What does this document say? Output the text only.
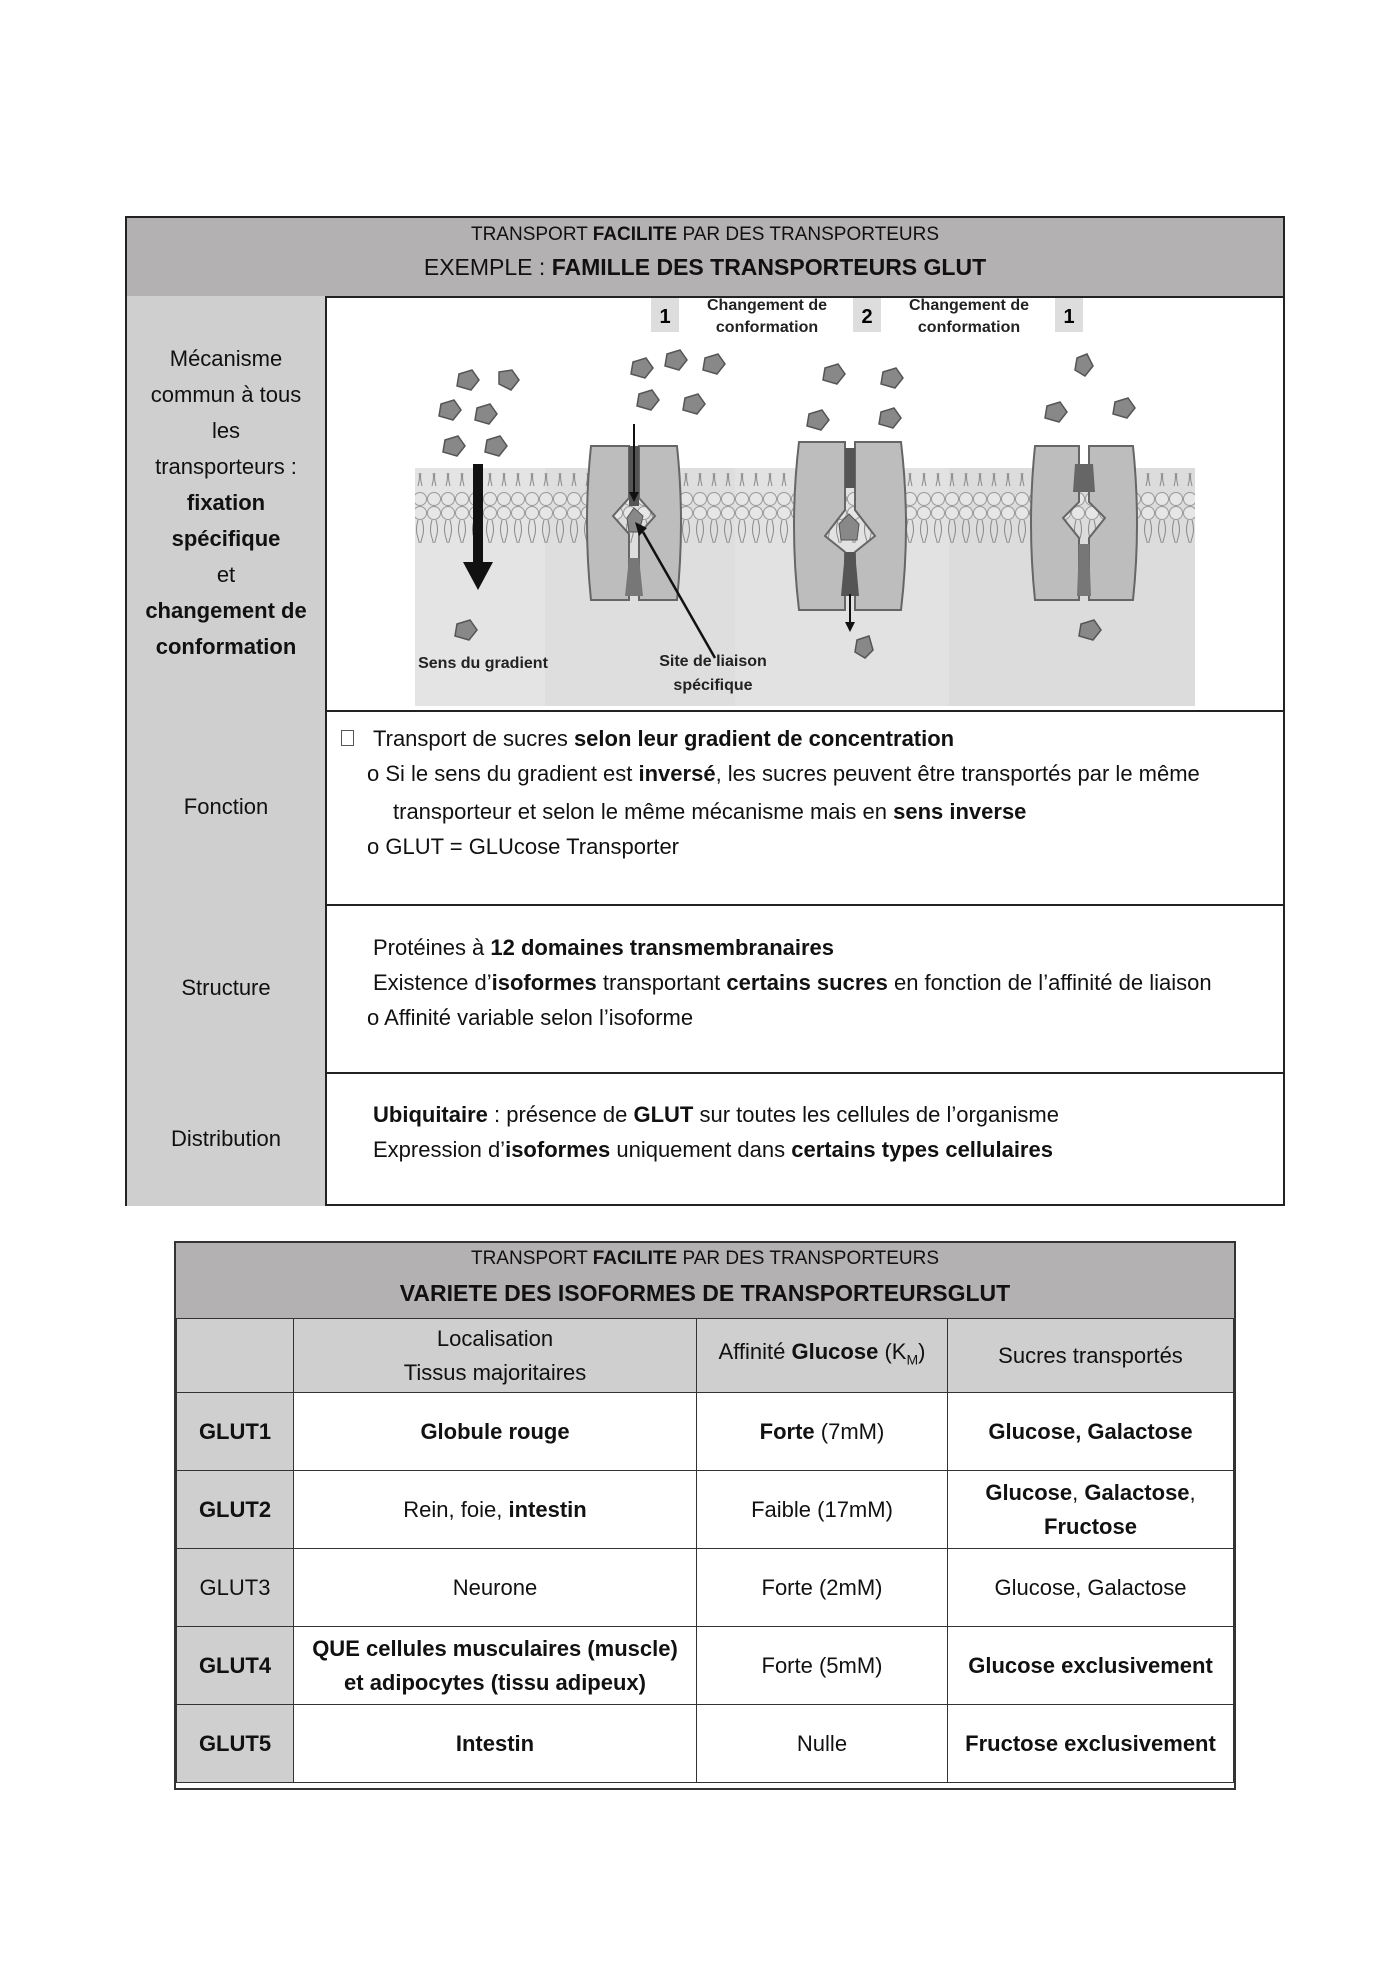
TRANSPORT FACILITE PAR DES TRANSPORTEURS
EXEMPLE : FAMILLE DES TRANSPORTEURS GLUT
Mécanisme
commun à tous
les
transporteurs :
fixation
spécifique
et
changement de
conformation
1	2	1
Changement de
conformation
Changement de
conformation
Sens du gradient	Site de liaison
spécifique
Fonction
Transport de sucres selon leur gradient de concentration
o Si le sens du gradient est inversé, les sucres peuvent être transportés par le même
transporteur et selon le même mécanisme mais en sens inverse
o GLUT = GLUcose Transporter
Structure
Protéines à 12 domaines transmembranaires
Existence d’isoformes transportant certains sucres en fonction de l’affinité de liaison
o Affinité variable selon l’isoforme
Distribution
Ubiquitaire : présence de GLUT sur toutes les cellules de l’organisme
Expression d’isoformes uniquement dans certains types cellulaires
TRANSPORT FACILITE PAR DES TRANSPORTEURS
VARIETE DES ISOFORMES DE TRANSPORTEURSGLUT

	Localisation
Tissus majoritaires	Affinité Glucose $(K_M)$	Sucres transportés
GLUT1	Globule rouge	Forte (7mM)	Glucose, Galactose
GLUT2	Rein, foie, intestin	Faible (17mM)	Glucose, Galactose,
Fructose

GLUT3	Neurone	Forte (2mM)	Glucose, Galactose
GLUT4	QUE cellules musculaires (muscle)
et adipocytes (tissu adipeux)	Forte (5mM)	Glucose exclusivement
GLUT5	Intestin	Nulle	Fructose exclusivement
